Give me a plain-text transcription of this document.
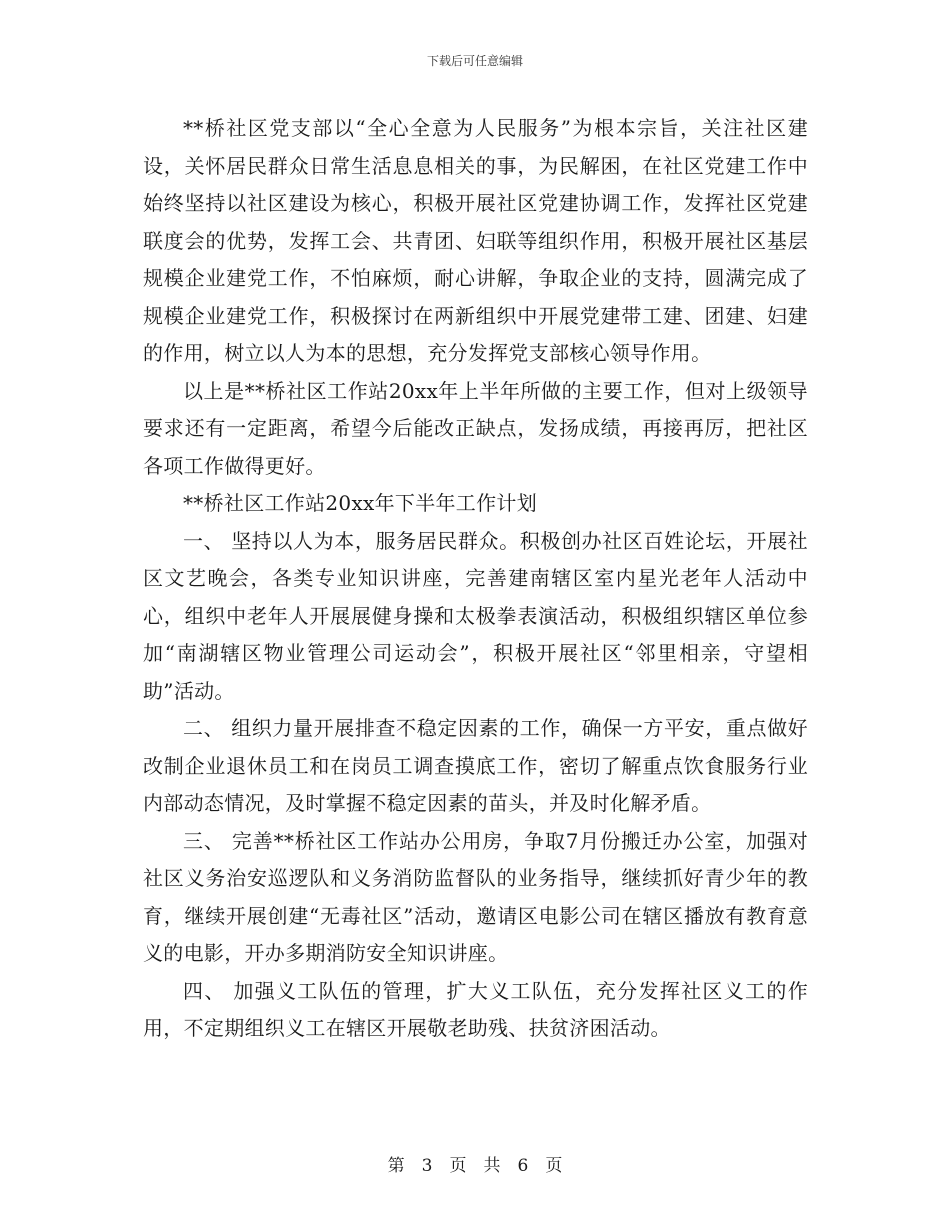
下载后可任意编辑

**桥社区党支部以“全心全意为人民服务”为根本宗旨，关注社区建设，关怀居民群众日常生活息息相关的事，为民解困，在社区党建工作中始终坚持以社区建设为核心，积极开展社区党建协调工作，发挥社区党建联度会的优势，发挥工会、共青团、妇联等组织作用，积极开展社区基层规模企业建党工作，不怕麻烦，耐心讲解，争取企业的支持，圆满完成了规模企业建党工作，积极探讨在两新组织中开展党建带工建、团建、妇建的作用，树立以人为本的思想，充分发挥党支部核心领导作用。

以上是**桥社区工作站20xx年上半年所做的主要工作，但对上级领导要求还有一定距离，希望今后能改正缺点，发扬成绩，再接再厉，把社区各项工作做得更好。

**桥社区工作站20xx年下半年工作计划

一、 坚持以人为本，服务居民群众。积极创办社区百姓论坛，开展社区文艺晚会，各类专业知识讲座，完善建南辖区室内星光老年人活动中心，组织中老年人开展展健身操和太极拳表演活动，积极组织辖区单位参加“南湖辖区物业管理公司运动会”，积极开展社区“邻里相亲，守望相助”活动。

二、 组织力量开展排查不稳定因素的工作，确保一方平安，重点做好改制企业退休员工和在岗员工调查摸底工作，密切了解重点饮食服务行业内部动态情况，及时掌握不稳定因素的苗头，并及时化解矛盾。

三、 完善**桥社区工作站办公用房，争取7月份搬迁办公室，加强对社区义务治安巡逻队和义务消防监督队的业务指导，继续抓好青少年的教育，继续开展创建“无毒社区”活动，邀请区电影公司在辖区播放有教育意义的电影，开办多期消防安全知识讲座。

四、 加强义工队伍的管理，扩大义工队伍，充分发挥社区义工的作用，不定期组织义工在辖区开展敬老助残、扶贫济困活动。

第 3 页 共 6 页
